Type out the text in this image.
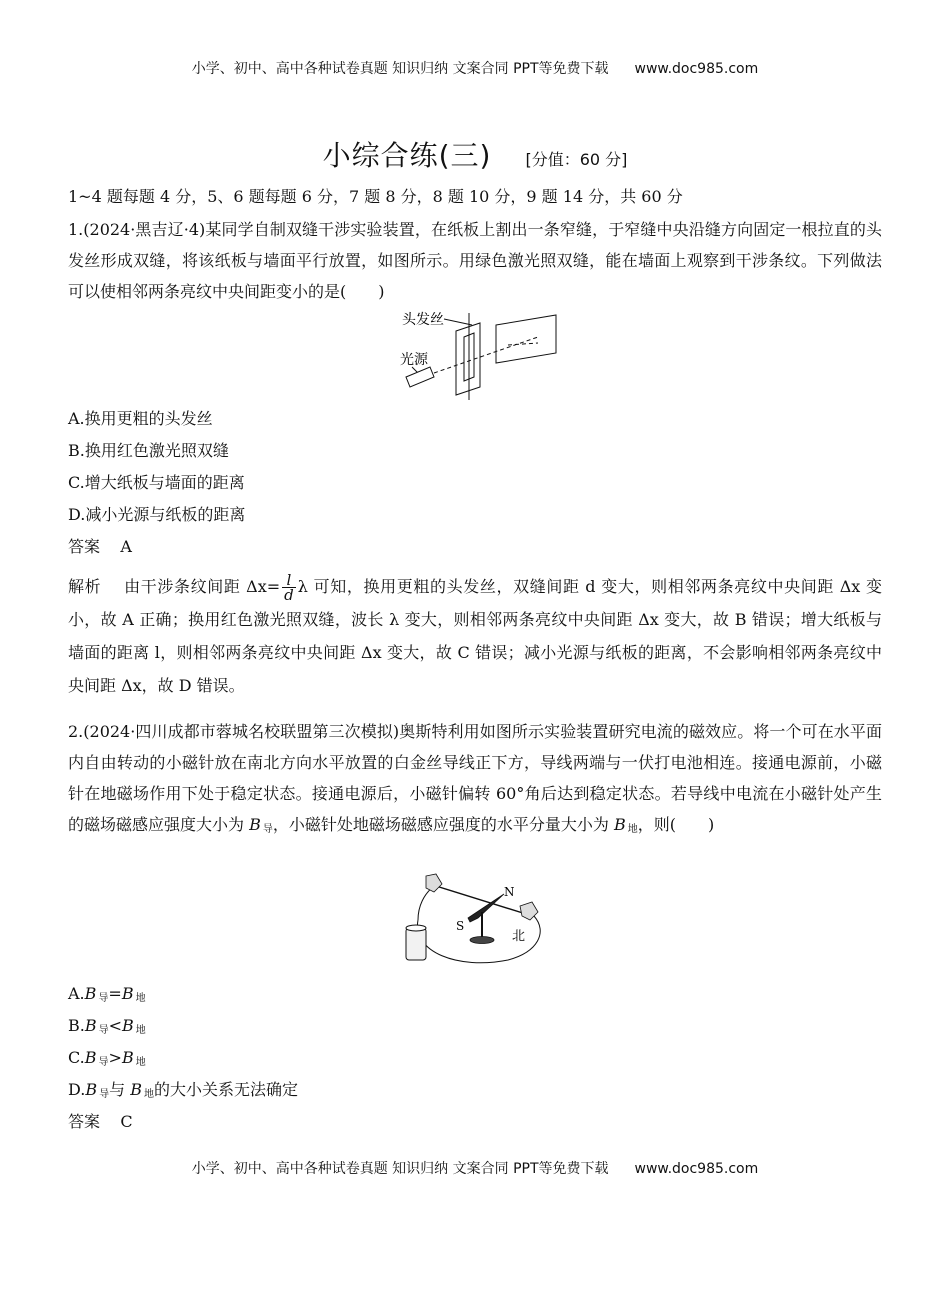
小学、初中、高中各种试卷真题 知识归纳 文案合同 PPT等免费下载 www.doc985.com
小综合练(三) [分值：60 分]
1~4 题每题 4 分，5、6 题每题 6 分，7 题 8 分，8 题 10 分，9 题 14 分，共 60 分
1.(2024·黑吉辽·4)某同学自制双缝干涉实验装置，在纸板上割出一条窄缝，于窄缝中央沿缝方向固定一根拉直的头发丝形成双缝，将该纸板与墙面平行放置，如图所示。用绿色激光照双缝，能在墙面上观察到干涉条纹。下列做法可以使相邻两条亮纹中央间距变小的是(　　)
头发丝
光源
A.换用更粗的头发丝
B.换用红色激光照双缝
C.增大纸板与墙面的距离
D.减小光源与纸板的距离
答案 A
解析 由干涉条纹间距 $\Delta x= \frac{l}{d}$ λ 可知，换用更粗的头发丝，双缝间距 d 变大，则相邻两条亮纹中央间距 Δx 变小，故 A 正确；换用红色激光照双缝，波长 λ 变大，则相邻两条亮纹中央间距 Δx 变大，故 B 错误；增大纸板与墙面的距离 l，则相邻两条亮纹中央间距 Δx 变大，故 C 错误；减小光源与纸板的距离，不会影响相邻两条亮纹中央间距 Δx，故 D 错误。
2.(2024·四川成都市蓉城名校联盟第三次模拟)奥斯特利用如图所示实验装置研究电流的磁效应。将一个可在水平面内自由转动的小磁针放在南北方向水平放置的白金丝导线正下方，导线两端与一伏打电池相连。接通电源前，小磁针在地磁场作用下处于稳定状态。接通电源后，小磁针偏转 60°角后达到稳定状态。若导线中电流在小磁针处产生的磁场磁感应强度大小为 B $_导$，小磁针处地磁场磁感应强度的水平分量大小为 B $_地$，则(　　)
N
S
北
A.B $_导$=B $_地$
B.B $_导$<B $_地$
C.B $_导$>B $_地$
D.B $_导$与 B $_地$的大小关系无法确定
答案 C
小学、初中、高中各种试卷真题 知识归纳 文案合同 PPT等免费下载 www.doc985.com
